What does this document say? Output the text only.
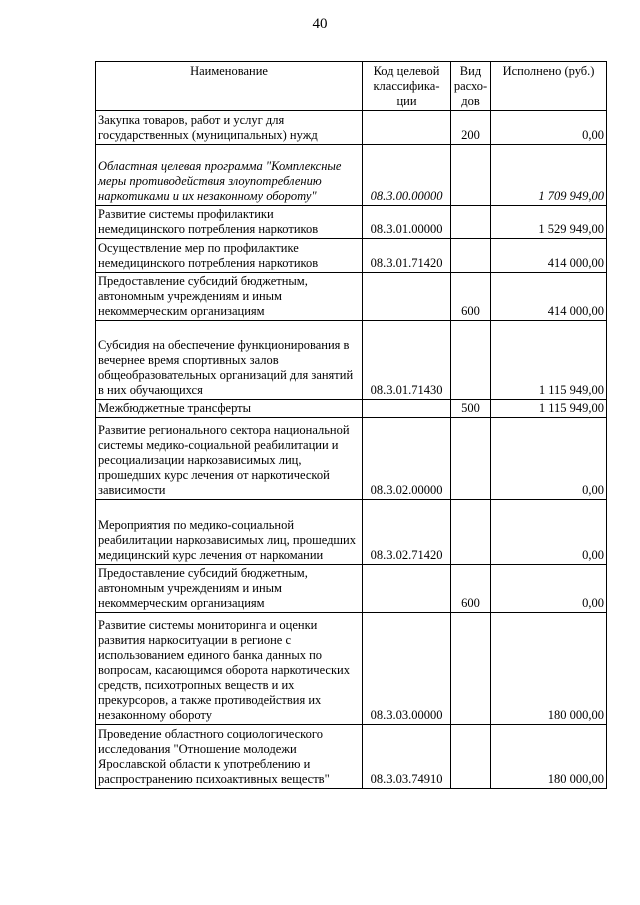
40
Наименование	Код целевой классифика-ции	Вид расхо-дов	Исполнено (руб.)
Закупка товаров, работ и услуг для государственных (муниципальных) нужд		200	0,00
Областная целевая программа "Комплексные меры противодействия злоупотреблению наркотиками и их незаконному обороту"	08.3.00.00000		1 709 949,00
Развитие системы профилактики немедицинского потребления наркотиков	08.3.01.00000		1 529 949,00
Осуществление мер по профилактике немедицинского потребления наркотиков	08.3.01.71420		414 000,00
Предоставление субсидий бюджетным, автономным учреждениям и иным некоммерческим организациям		600	414 000,00
Субсидия на обеспечение функционирования в вечернее время спортивных залов общеобразовательных организаций для занятий в них обучающихся	08.3.01.71430		1 115 949,00
Межбюджетные трансферты		500	1 115 949,00
Развитие регионального сектора национальной системы медико-социальной реабилитации и ресоциализации наркозависимых лиц, прошедших курс лечения от наркотической зависимости	08.3.02.00000		0,00
Мероприятия по медико-социальной реабилитации наркозависимых лиц, прошедших медицинский курс лечения от наркомании	08.3.02.71420		0,00
Предоставление субсидий бюджетным, автономным учреждениям и иным некоммерческим организациям		600	0,00
Развитие системы мониторинга и оценки развития наркоситуации в регионе с использованием единого банка данных по вопросам, касающимся оборота наркотических средств, психотропных веществ и их прекурсоров, а также противодействия их незаконному обороту	08.3.03.00000		180 000,00
Проведение областного социологического исследования "Отношение молодежи Ярославской области к употреблению и распространению психоактивных веществ"	08.3.03.74910		180 000,00
